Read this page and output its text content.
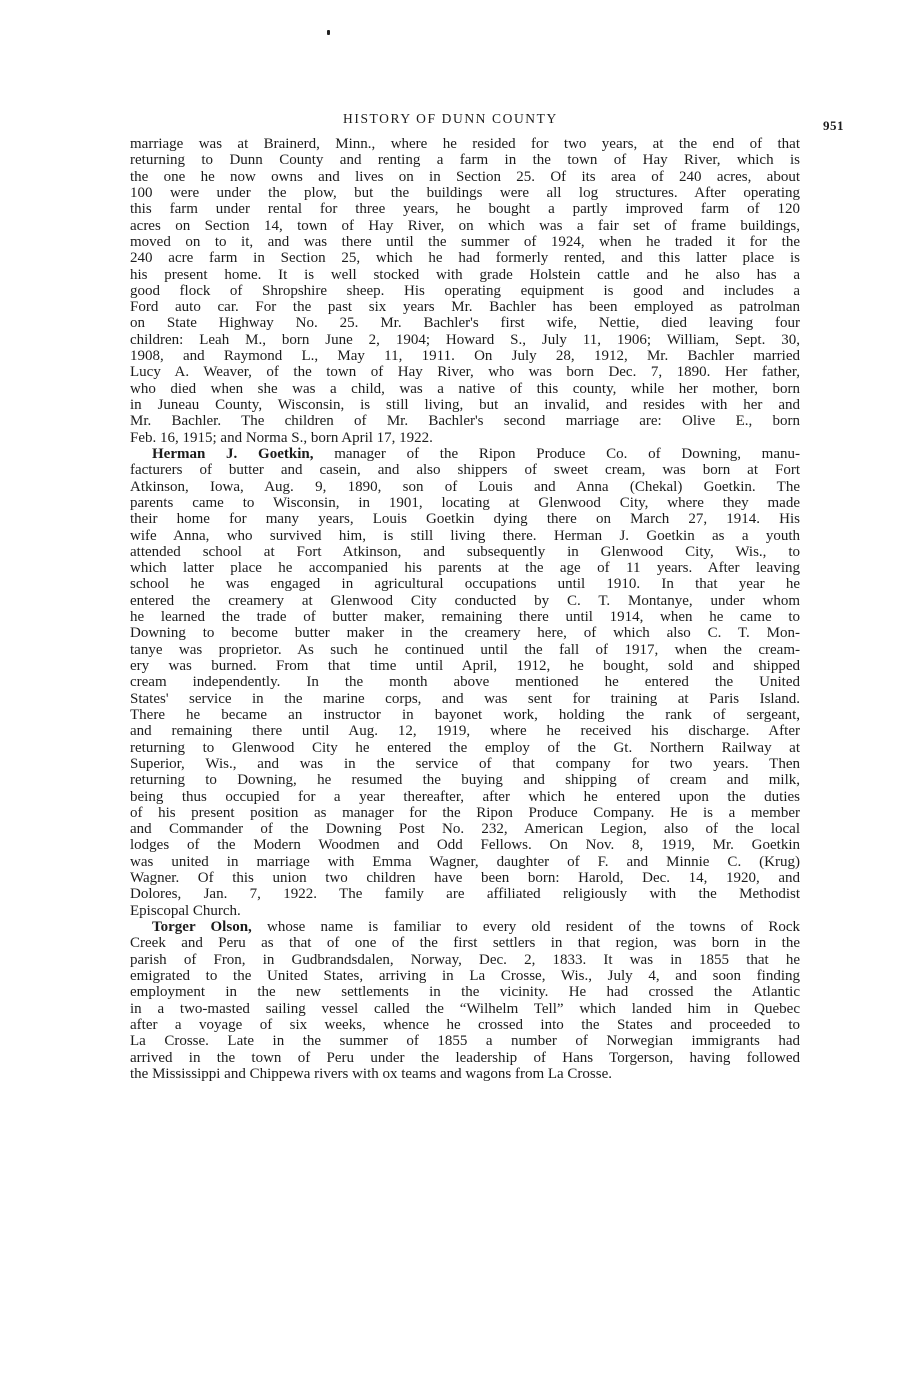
HISTORY OF DUNN COUNTY	951
marriage was at Brainerd, Minn., where he resided for two years, at the end of that
returning to Dunn County and renting a farm in the town of Hay River, which is
the one he now owns and lives on in Section 25. Of its area of 240 acres, about
100 were under the plow, but the buildings were all log structures. After operating
this farm under rental for three years, he bought a partly improved farm of 120
acres on Section 14, town of Hay River, on which was a fair set of frame buildings,
moved on to it, and was there until the summer of 1924, when he traded it for the
240 acre farm in Section 25, which he had formerly rented, and this latter place is
his present home. It is well stocked with grade Holstein cattle and he also has a
good flock of Shropshire sheep. His operating equipment is good and includes a
Ford auto car. For the past six years Mr. Bachler has been employed as patrolman
on State Highway No. 25. Mr. Bachler's first wife, Nettie, died leaving four
children: Leah M., born June 2, 1904; Howard S., July 11, 1906; William, Sept. 30,
1908, and Raymond L., May 11, 1911. On July 28, 1912, Mr. Bachler married
Lucy A. Weaver, of the town of Hay River, who was born Dec. 7, 1890. Her father,
who died when she was a child, was a native of this county, while her mother, born
in Juneau County, Wisconsin, is still living, but an invalid, and resides with her and
Mr. Bachler. The children of Mr. Bachler's second marriage are: Olive E., born
Feb. 16, 1915; and Norma S., born April 17, 1922.
Herman J. Goetkin, manager of the Ripon Produce Co. of Downing, manu-
facturers of butter and casein, and also shippers of sweet cream, was born at Fort
Atkinson, Iowa, Aug. 9, 1890, son of Louis and Anna (Chekal) Goetkin. The
parents came to Wisconsin, in 1901, locating at Glenwood City, where they made
their home for many years, Louis Goetkin dying there on March 27, 1914. His
wife Anna, who survived him, is still living there. Herman J. Goetkin as a youth
attended school at Fort Atkinson, and subsequently in Glenwood City, Wis., to
which latter place he accompanied his parents at the age of 11 years. After leaving
school he was engaged in agricultural occupations until 1910. In that year he
entered the creamery at Glenwood City conducted by C. T. Montanye, under whom
he learned the trade of butter maker, remaining there until 1914, when he came to
Downing to become butter maker in the creamery here, of which also C. T. Mon-
tanye was proprietor. As such he continued until the fall of 1917, when the cream-
ery was burned. From that time until April, 1912, he bought, sold and shipped
cream independently. In the month above mentioned he entered the United
States' service in the marine corps, and was sent for training at Paris Island.
There he became an instructor in bayonet work, holding the rank of sergeant,
and remaining there until Aug. 12, 1919, where he received his discharge. After
returning to Glenwood City he entered the employ of the Gt. Northern Railway at
Superior, Wis., and was in the service of that company for two years. Then
returning to Downing, he resumed the buying and shipping of cream and milk,
being thus occupied for a year thereafter, after which he entered upon the duties
of his present position as manager for the Ripon Produce Company. He is a member
and Commander of the Downing Post No. 232, American Legion, also of the local
lodges of the Modern Woodmen and Odd Fellows. On Nov. 8, 1919, Mr. Goetkin
was united in marriage with Emma Wagner, daughter of F. and Minnie C. (Krug)
Wagner. Of this union two children have been born: Harold, Dec. 14, 1920, and
Dolores, Jan. 7, 1922. The family are affiliated religiously with the Methodist
Episcopal Church.
Torger Olson, whose name is familiar to every old resident of the towns of Rock
Creek and Peru as that of one of the first settlers in that region, was born in the
parish of Fron, in Gudbrandsdalen, Norway, Dec. 2, 1833. It was in 1855 that he
emigrated to the United States, arriving in La Crosse, Wis., July 4, and soon finding
employment in the new settlements in the vicinity. He had crossed the Atlantic
in a two-masted sailing vessel called the “Wilhelm Tell” which landed him in Quebec
after a voyage of six weeks, whence he crossed into the States and proceeded to
La Crosse. Late in the summer of 1855 a number of Norwegian immigrants had
arrived in the town of Peru under the leadership of Hans Torgerson, having followed
the Mississippi and Chippewa rivers with ox teams and wagons from La Crosse.
